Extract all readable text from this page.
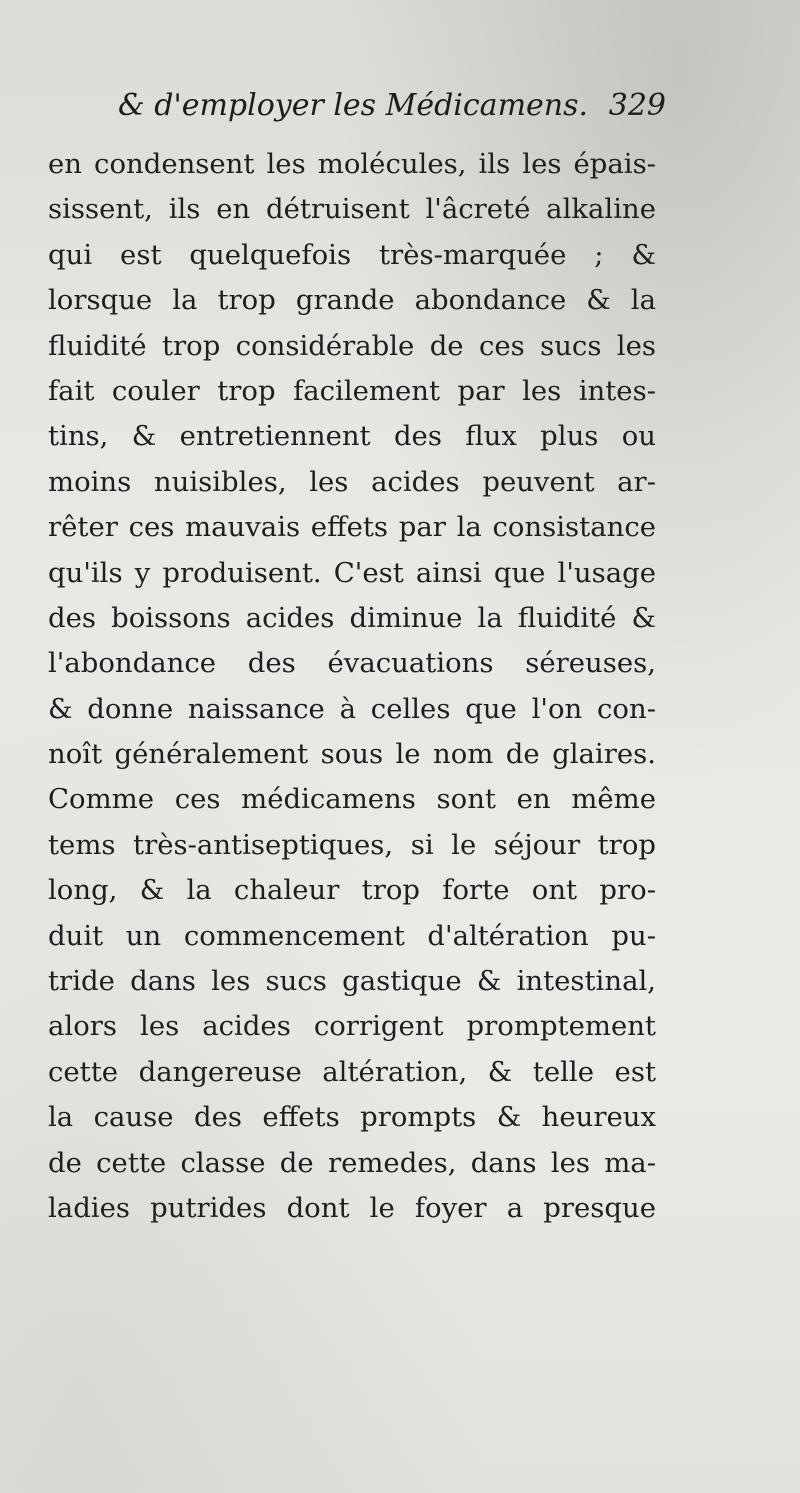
& d'employer les Médicamens. 329
en condensent les molécules, ils les épais-
sissent, ils en détruisent l'âcreté alkaline
qui est quelquefois très-marquée ; &
lorsque la trop grande abondance & la
fluidité trop considérable de ces sucs les
fait couler trop facilement par les intes-
tins, & entretiennent des flux plus ou
moins nuisibles, les acides peuvent ar-
rêter ces mauvais effets par la consistance
qu'ils y produisent. C'est ainsi que l'usage
des boissons acides diminue la fluidité &
l'abondance des évacuations séreuses,
& donne naissance à celles que l'on con-
noît généralement sous le nom de glaires.
Comme ces médicamens sont en même
tems très-antiseptiques, si le séjour trop
long, & la chaleur trop forte ont pro-
duit un commencement d'altération pu-
tride dans les sucs gastique & intestinal,
alors les acides corrigent promptement
cette dangereuse altération, & telle est
la cause des effets prompts & heureux
de cette classe de remedes, dans les ma-
ladies putrides dont le foyer a presque
